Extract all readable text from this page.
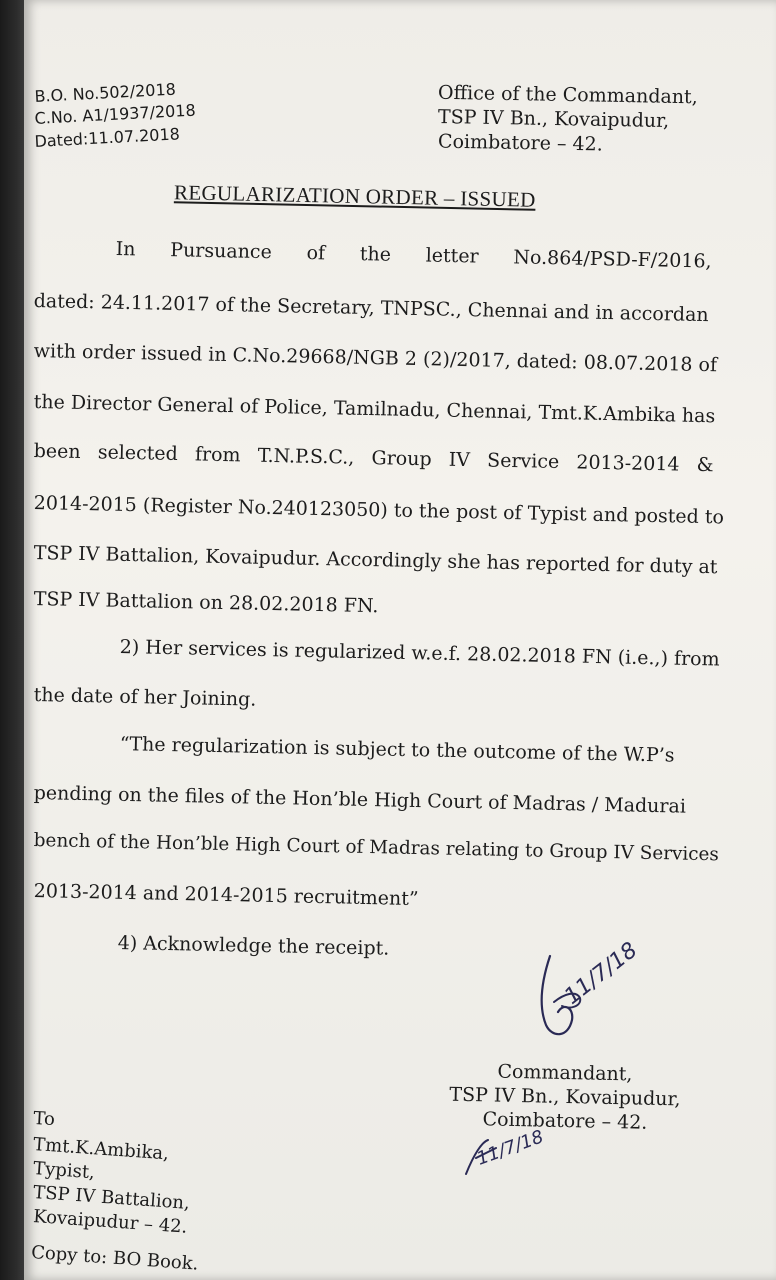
B.O. No.502/2018
C.No. A1/1937/2018
Dated:11.07.2018
Office of the Commandant,
TSP IV Bn., Kovaipudur,
Coimbatore – 42.
REGULARIZATION ORDER – ISSUED
In Pursuance of the letter No.864/PSD-F/2016,
dated: 24.11.2017 of the Secretary, TNPSC., Chennai and in accordan
with order issued in C.No.29668/NGB 2 (2)/2017, dated: 08.07.2018 of
the Director General of Police, Tamilnadu, Chennai, Tmt.K.Ambika has
been selected from T.N.P.S.C., Group IV Service 2013-2014 &
2014-2015 (Register No.240123050) to the post of Typist and posted to
TSP IV Battalion, Kovaipudur. Accordingly she has reported for duty at
TSP IV Battalion on 28.02.2018 FN.
2) Her services is regularized w.e.f. 28.02.2018 FN (i.e.,) from
the date of her Joining.
“The regularization is subject to the outcome of the W.P’s
pending on the files of the Hon’ble High Court of Madras / Madurai
bench of the Hon’ble High Court of Madras relating to Group IV Services
2013-2014 and 2014-2015 recruitment”
4) Acknowledge the receipt.	11/7/18
Commandant,
TSP IV Bn., Kovaipudur,
Coimbatore – 42.
To
Tmt.K.Ambika,
Typist,
TSP IV Battalion,
Kovaipudur – 42.
11/7/18
Copy to: BO Book.
